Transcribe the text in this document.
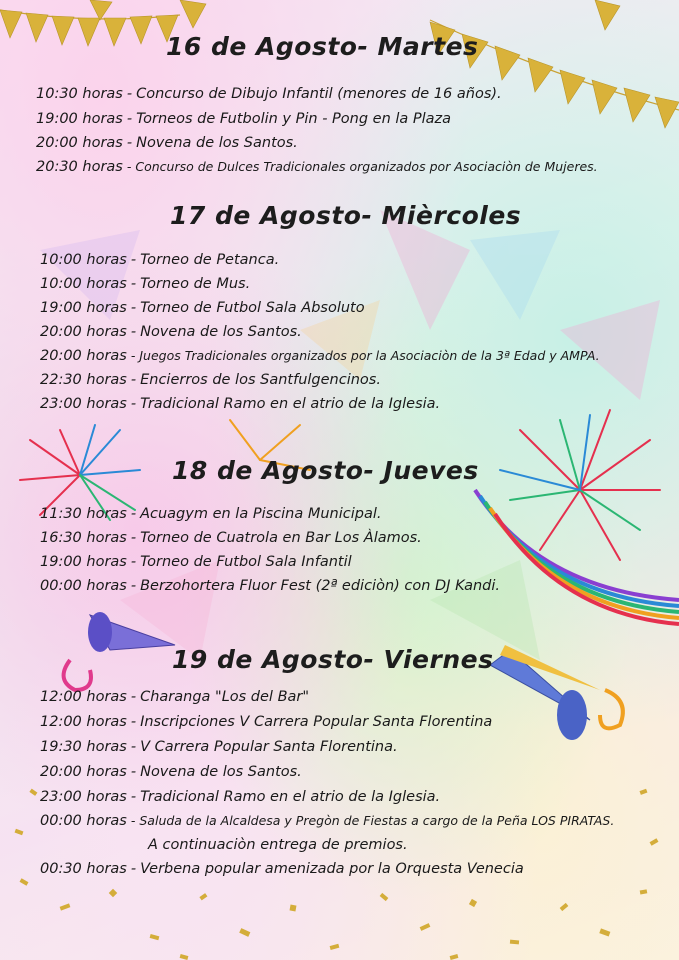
16 de Agosto- Martes
10:30 horas - Concurso de Dibujo Infantil (menores de 16 años).
19:00 horas - Torneos de Futbolin y Pin - Pong en la Plaza
20:00 horas - Novena de los Santos.
20:30 horas - Concurso de Dulces Tradicionales organizados por Asociaciòn de Mujeres.
17 de Agosto- Mièrcoles
10:00 horas - Torneo de Petanca.
10:00 horas - Torneo de Mus.
19:00 horas - Torneo de Futbol Sala Absoluto
20:00 horas - Novena de los Santos.
20:00 horas - Juegos Tradicionales organizados por la Asociaciòn de la 3ª Edad y AMPA.
22:30 horas - Encierros de los Santfulgencinos.
23:00 horas - Tradicional Ramo en el atrio de la Iglesia.
18 de Agosto- Jueves
11:30 horas - Acuagym en la Piscina Municipal.
16:30 horas - Torneo de Cuatrola en Bar Los Àlamos.
19:00 horas - Torneo de Futbol Sala Infantil
00:00 horas - Berzohortera Fluor Fest (2ª ediciòn) con DJ Kandi.
19 de Agosto- Viernes
12:00 horas - Charanga "Los del Bar"
12:00 horas - Inscripciones V Carrera Popular Santa Florentina
19:30 horas - V Carrera Popular Santa Florentina.
20:00 horas - Novena de los Santos.
23:00 horas - Tradicional Ramo en el atrio de la Iglesia.
00:00 horas - Saluda de la Alcaldesa y Pregòn de Fiestas a cargo de la Peña LOS PIRATAS.
A continuaciòn entrega de premios.
00:30 horas - Verbena popular amenizada por la Orquesta Venecia
